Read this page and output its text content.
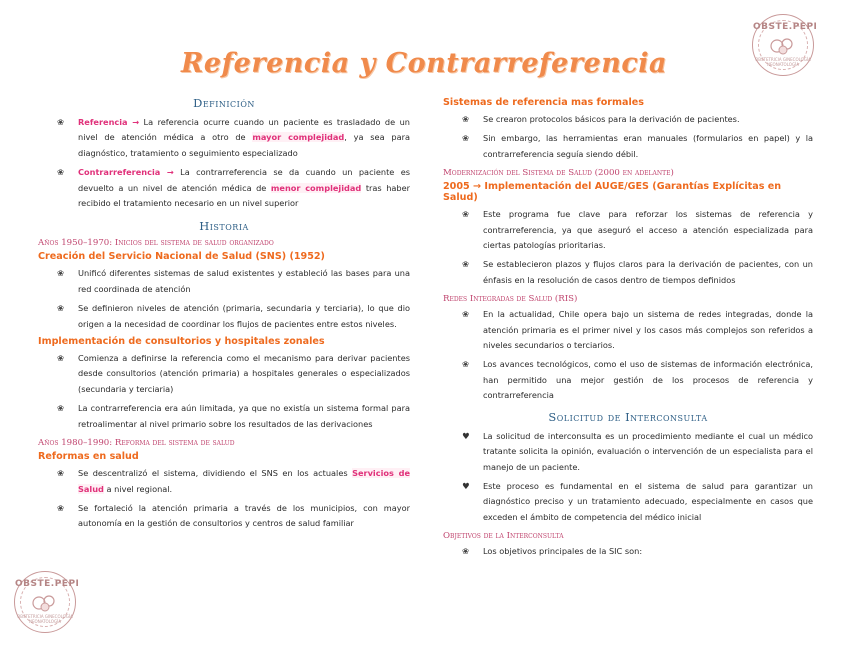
Referencia y Contrarreferencia
OBSTE.PEPI
OBSTETRICIA GINECOLOGÍA NEONATOLOGÍA
OBSTE.PEPI
OBSTETRICIA GINECOLOGÍA NEONATOLOGÍA
Definición
❀ Referencia → La referencia ocurre cuando un paciente es trasladado de un nivel de atención médica a otro de mayor complejidad, ya sea para diagnóstico, tratamiento o seguimiento especializado
❀ Contrarreferencia → La contrarreferencia se da cuando un paciente es devuelto a un nivel de atención médica de menor complejidad tras haber recibido el tratamiento necesario en un nivel superior
Historia
Años 1950–1970: Inicios del sistema de salud organizado
Creación del Servicio Nacional de Salud (SNS) (1952)
❀ Unificó diferentes sistemas de salud existentes y estableció las bases para una red coordinada de atención
❀ Se definieron niveles de atención (primaria, secundaria y terciaria), lo que dio origen a la necesidad de coordinar los flujos de pacientes entre estos niveles.
Implementación de consultorios y hospitales zonales
❀ Comienza a definirse la referencia como el mecanismo para derivar pacientes desde consultorios (atención primaria) a hospitales generales o especializados (secundaria y terciaria)
❀ La contrarreferencia era aún limitada, ya que no existía un sistema formal para retroalimentar al nivel primario sobre los resultados de las derivaciones
Años 1980–1990: Reforma del sistema de salud
Reformas en salud
❀ Se descentralizó el sistema, dividiendo el SNS en los actuales Servicios de Salud a nivel regional.
❀ Se fortaleció la atención primaria a través de los municipios, con mayor autonomía en la gestión de consultorios y centros de salud familiar
Sistemas de referencia mas formales
❀ Se crearon protocolos básicos para la derivación de pacientes.
❀ Sin embargo, las herramientas eran manuales (formularios en papel) y la contrarreferencia seguía siendo débil.
Modernización del Sistema de Salud (2000 en adelante)
2005 → Implementación del AUGE/GES (Garantías Explícitas en Salud)
❀ Este programa fue clave para reforzar los sistemas de referencia y contrarreferencia, ya que aseguró el acceso a atención especializada para ciertas patologías prioritarias.
❀ Se establecieron plazos y flujos claros para la derivación de pacientes, con un énfasis en la resolución de casos dentro de tiempos definidos
Redes Integradas de Salud (RIS)
❀ En la actualidad, Chile opera bajo un sistema de redes integradas, donde la atención primaria es el primer nivel y los casos más complejos son referidos a niveles secundarios o terciarios.
❀ Los avances tecnológicos, como el uso de sistemas de información electrónica, han permitido una mejor gestión de los procesos de referencia y contrarreferencia
Solicitud de Interconsulta
♥ La solicitud de interconsulta es un procedimiento mediante el cual un médico tratante solicita la opinión, evaluación o intervención de un especialista para el manejo de un paciente.
♥ Este proceso es fundamental en el sistema de salud para garantizar un diagnóstico preciso y un tratamiento adecuado, especialmente en casos que exceden el ámbito de competencia del médico inicial
Objetivos de la Interconsulta
❀ Los objetivos principales de la SIC son:
